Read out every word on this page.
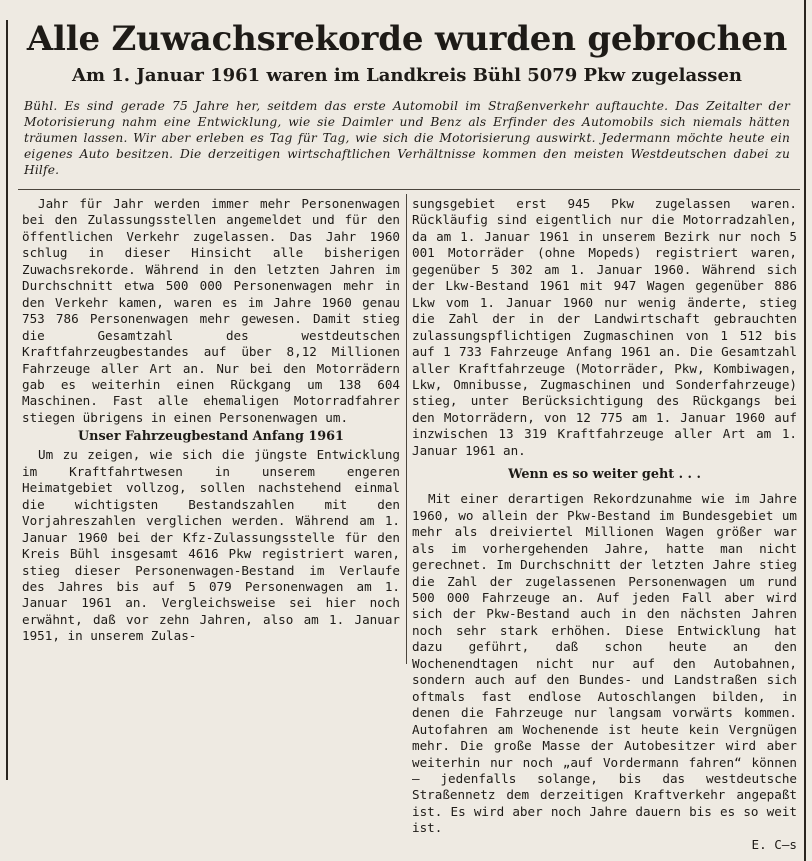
Alle Zuwachsrekorde wurden gebrochen
Am 1. Januar 1961 waren im Landkreis Bühl 5079 Pkw zugelassen

Bühl. Es sind gerade 75 Jahre her, seitdem das erste Automobil im Straßenverkehr auftauchte. Das Zeitalter der Motorisierung nahm eine Entwicklung, wie sie Daimler und Benz als Erfinder des Automobils sich niemals hätten träumen lassen. Wir aber erleben es Tag für Tag, wie sich die Motorisierung auswirkt. Jedermann möchte heute ein eigenes Auto besitzen. Die derzeitigen wirtschaftlichen Verhältnisse kommen den meisten Westdeutschen dabei zu Hilfe.

Jahr für Jahr werden immer mehr Personenwagen bei den Zulassungsstellen angemeldet und für den öffentlichen Verkehr zugelassen. Das Jahr 1960 schlug in dieser Hinsicht alle bisherigen Zuwachsrekorde. Während in den letzten Jahren im Durchschnitt etwa 500 000 Personenwagen mehr in den Verkehr kamen, waren es im Jahre 1960 genau 753 786 Personenwagen mehr gewesen. Damit stieg die Gesamtzahl des westdeutschen Kraftfahrzeugbestandes auf über 8,12 Millionen Fahrzeuge aller Art an. Nur bei den Motorrädern gab es weiterhin einen Rückgang um 138 604 Maschinen. Fast alle ehemaligen Motorradfahrer stiegen übrigens in einen Personenwagen um.

Unser Fahrzeugbestand Anfang 1961

Um zu zeigen, wie sich die jüngste Entwicklung im Kraftfahrtwesen in unserem engeren Heimatgebiet vollzog, sollen nachstehend einmal die wichtigsten Bestandszahlen mit den Vorjahreszahlen verglichen werden. Während am 1. Januar 1960 bei der Kfz-Zulassungsstelle für den Kreis Bühl insgesamt 4616 Pkw registriert waren, stieg dieser Personenwagen-Bestand im Verlaufe des Jahres bis auf 5 079 Personenwagen am 1. Januar 1961 an. Vergleichsweise sei hier noch erwähnt, daß vor zehn Jahren, also am 1. Januar 1951, in unserem Zulas-

sungsgebiet erst 945 Pkw zugelassen waren. Rückläufig sind eigentlich nur die Motorradzahlen, da am 1. Januar 1961 in unserem Bezirk nur noch 5 001 Motorräder (ohne Mopeds) registriert waren, gegenüber 5 302 am 1. Januar 1960. Während sich der Lkw-Bestand 1961 mit 947 Wagen gegenüber 886 Lkw vom 1. Januar 1960 nur wenig änderte, stieg die Zahl der in der Landwirtschaft gebrauchten zulassungspflichtigen Zugmaschinen von 1 512 bis auf 1 733 Fahrzeuge Anfang 1961 an. Die Gesamtzahl aller Kraftfahrzeuge (Motorräder, Pkw, Kombiwagen, Lkw, Omnibusse, Zugmaschinen und Sonderfahrzeuge) stieg, unter Berücksichtigung des Rückgangs bei den Motorrädern, von 12 775 am 1. Januar 1960 auf inzwischen 13 319 Kraftfahrzeuge aller Art am 1. Januar 1961 an.

Wenn es so weiter geht . . .

Mit einer derartigen Rekordzunahme wie im Jahre 1960, wo allein der Pkw-Bestand im Bundesgebiet um mehr als dreiviertel Millionen Wagen größer war als im vorhergehenden Jahre, hatte man nicht gerechnet. Im Durchschnitt der letzten Jahre stieg die Zahl der zugelassenen Personenwagen um rund 500 000 Fahrzeuge an. Auf jeden Fall aber wird sich der Pkw-Bestand auch in den nächsten Jahren noch sehr stark erhöhen. Diese Entwicklung hat dazu geführt, daß schon heute an den Wochenendtagen nicht nur auf den Autobahnen, sondern auch auf den Bundes- und Landstraßen sich oftmals fast endlose Autoschlangen bilden, in denen die Fahrzeuge nur langsam vorwärts kommen. Autofahren am Wochenende ist heute kein Vergnügen mehr. Die große Masse der Autobesitzer wird aber weiterhin nur noch „auf Vordermann fahren“ können — jedenfalls solange, bis das westdeutsche Straßennetz dem derzeitigen Kraftverkehr angepaßt ist. Es wird aber noch Jahre dauern bis es so weit ist.

E. C—s
